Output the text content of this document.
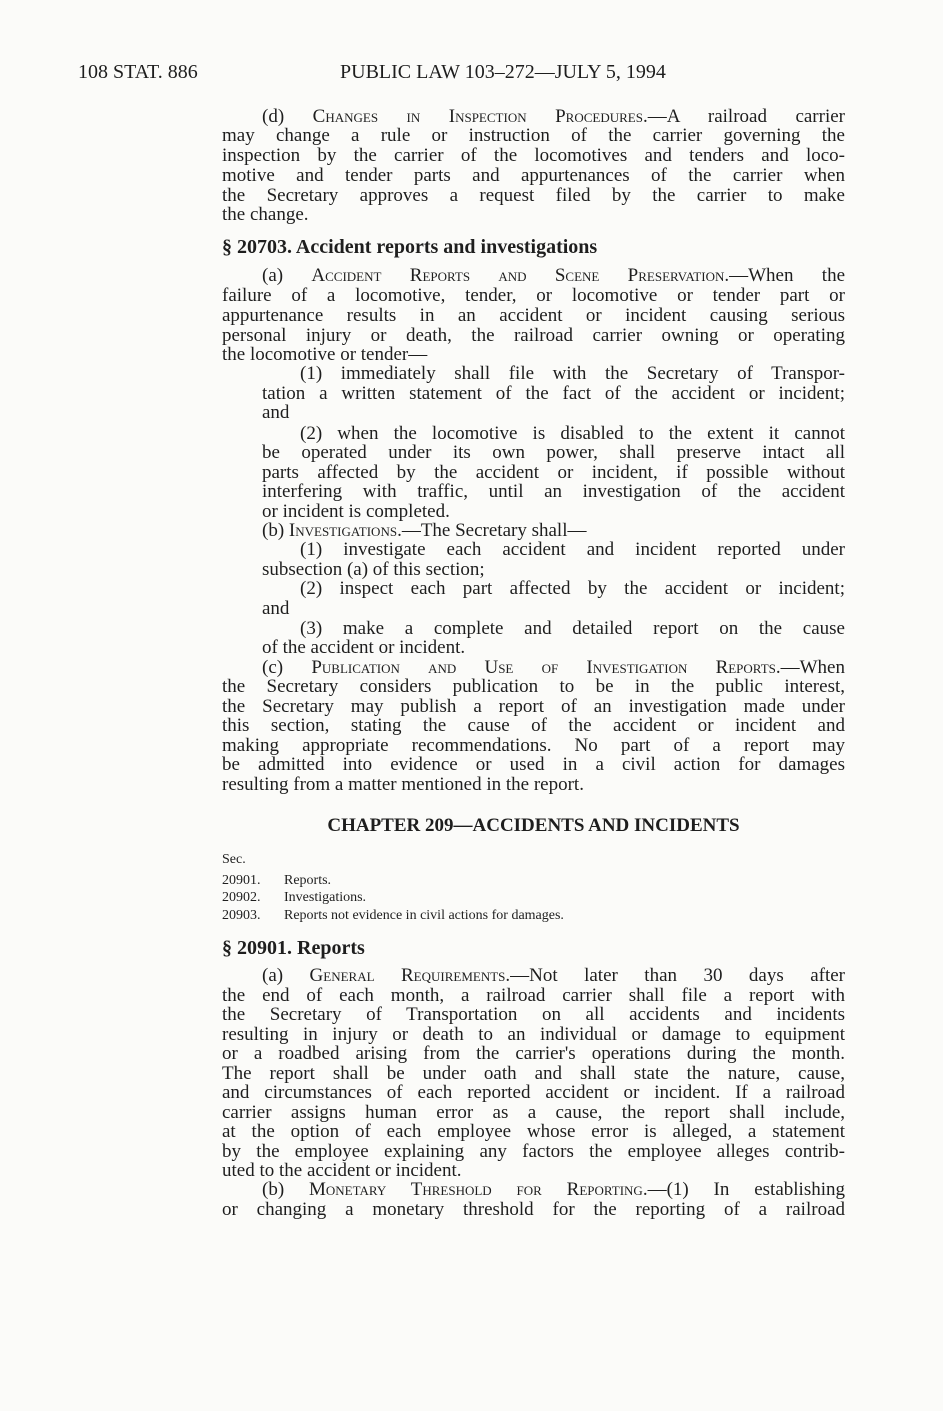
108 STAT. 886	PUBLIC LAW 103–272—JULY 5, 1994
(d) Changes in Inspection Procedures.—A railroad carrier
may change a rule or instruction of the carrier governing the
inspection by the carrier of the locomotives and tenders and loco-
motive and tender parts and appurtenances of the carrier when
the Secretary approves a request filed by the carrier to make
the change.
§ 20703. Accident reports and investigations
(a) Accident Reports and Scene Preservation.—When the
failure of a locomotive, tender, or locomotive or tender part or
appurtenance results in an accident or incident causing serious
personal injury or death, the railroad carrier owning or operating
the locomotive or tender—
(1) immediately shall file with the Secretary of Transpor-
tation a written statement of the fact of the accident or incident;
and
(2) when the locomotive is disabled to the extent it cannot
be operated under its own power, shall preserve intact all
parts affected by the accident or incident, if possible without
interfering with traffic, until an investigation of the accident
or incident is completed.
(b) Investigations.—The Secretary shall—
(1) investigate each accident and incident reported under
subsection (a) of this section;
(2) inspect each part affected by the accident or incident;
and
(3) make a complete and detailed report on the cause
of the accident or incident.
(c) Publication and Use of Investigation Reports.—When
the Secretary considers publication to be in the public interest,
the Secretary may publish a report of an investigation made under
this section, stating the cause of the accident or incident and
making appropriate recommendations. No part of a report may
be admitted into evidence or used in a civil action for damages
resulting from a matter mentioned in the report.
CHAPTER 209—ACCIDENTS AND INCIDENTS
Sec.
20901. Reports.
20902. Investigations.
20903. Reports not evidence in civil actions for damages.
§ 20901. Reports
(a) General Requirements.—Not later than 30 days after
the end of each month, a railroad carrier shall file a report with
the Secretary of Transportation on all accidents and incidents
resulting in injury or death to an individual or damage to equipment
or a roadbed arising from the carrier's operations during the month.
The report shall be under oath and shall state the nature, cause,
and circumstances of each reported accident or incident. If a railroad
carrier assigns human error as a cause, the report shall include,
at the option of each employee whose error is alleged, a statement
by the employee explaining any factors the employee alleges contrib-
uted to the accident or incident.
(b) Monetary Threshold for Reporting.—(1) In establishing
or changing a monetary threshold for the reporting of a railroad
